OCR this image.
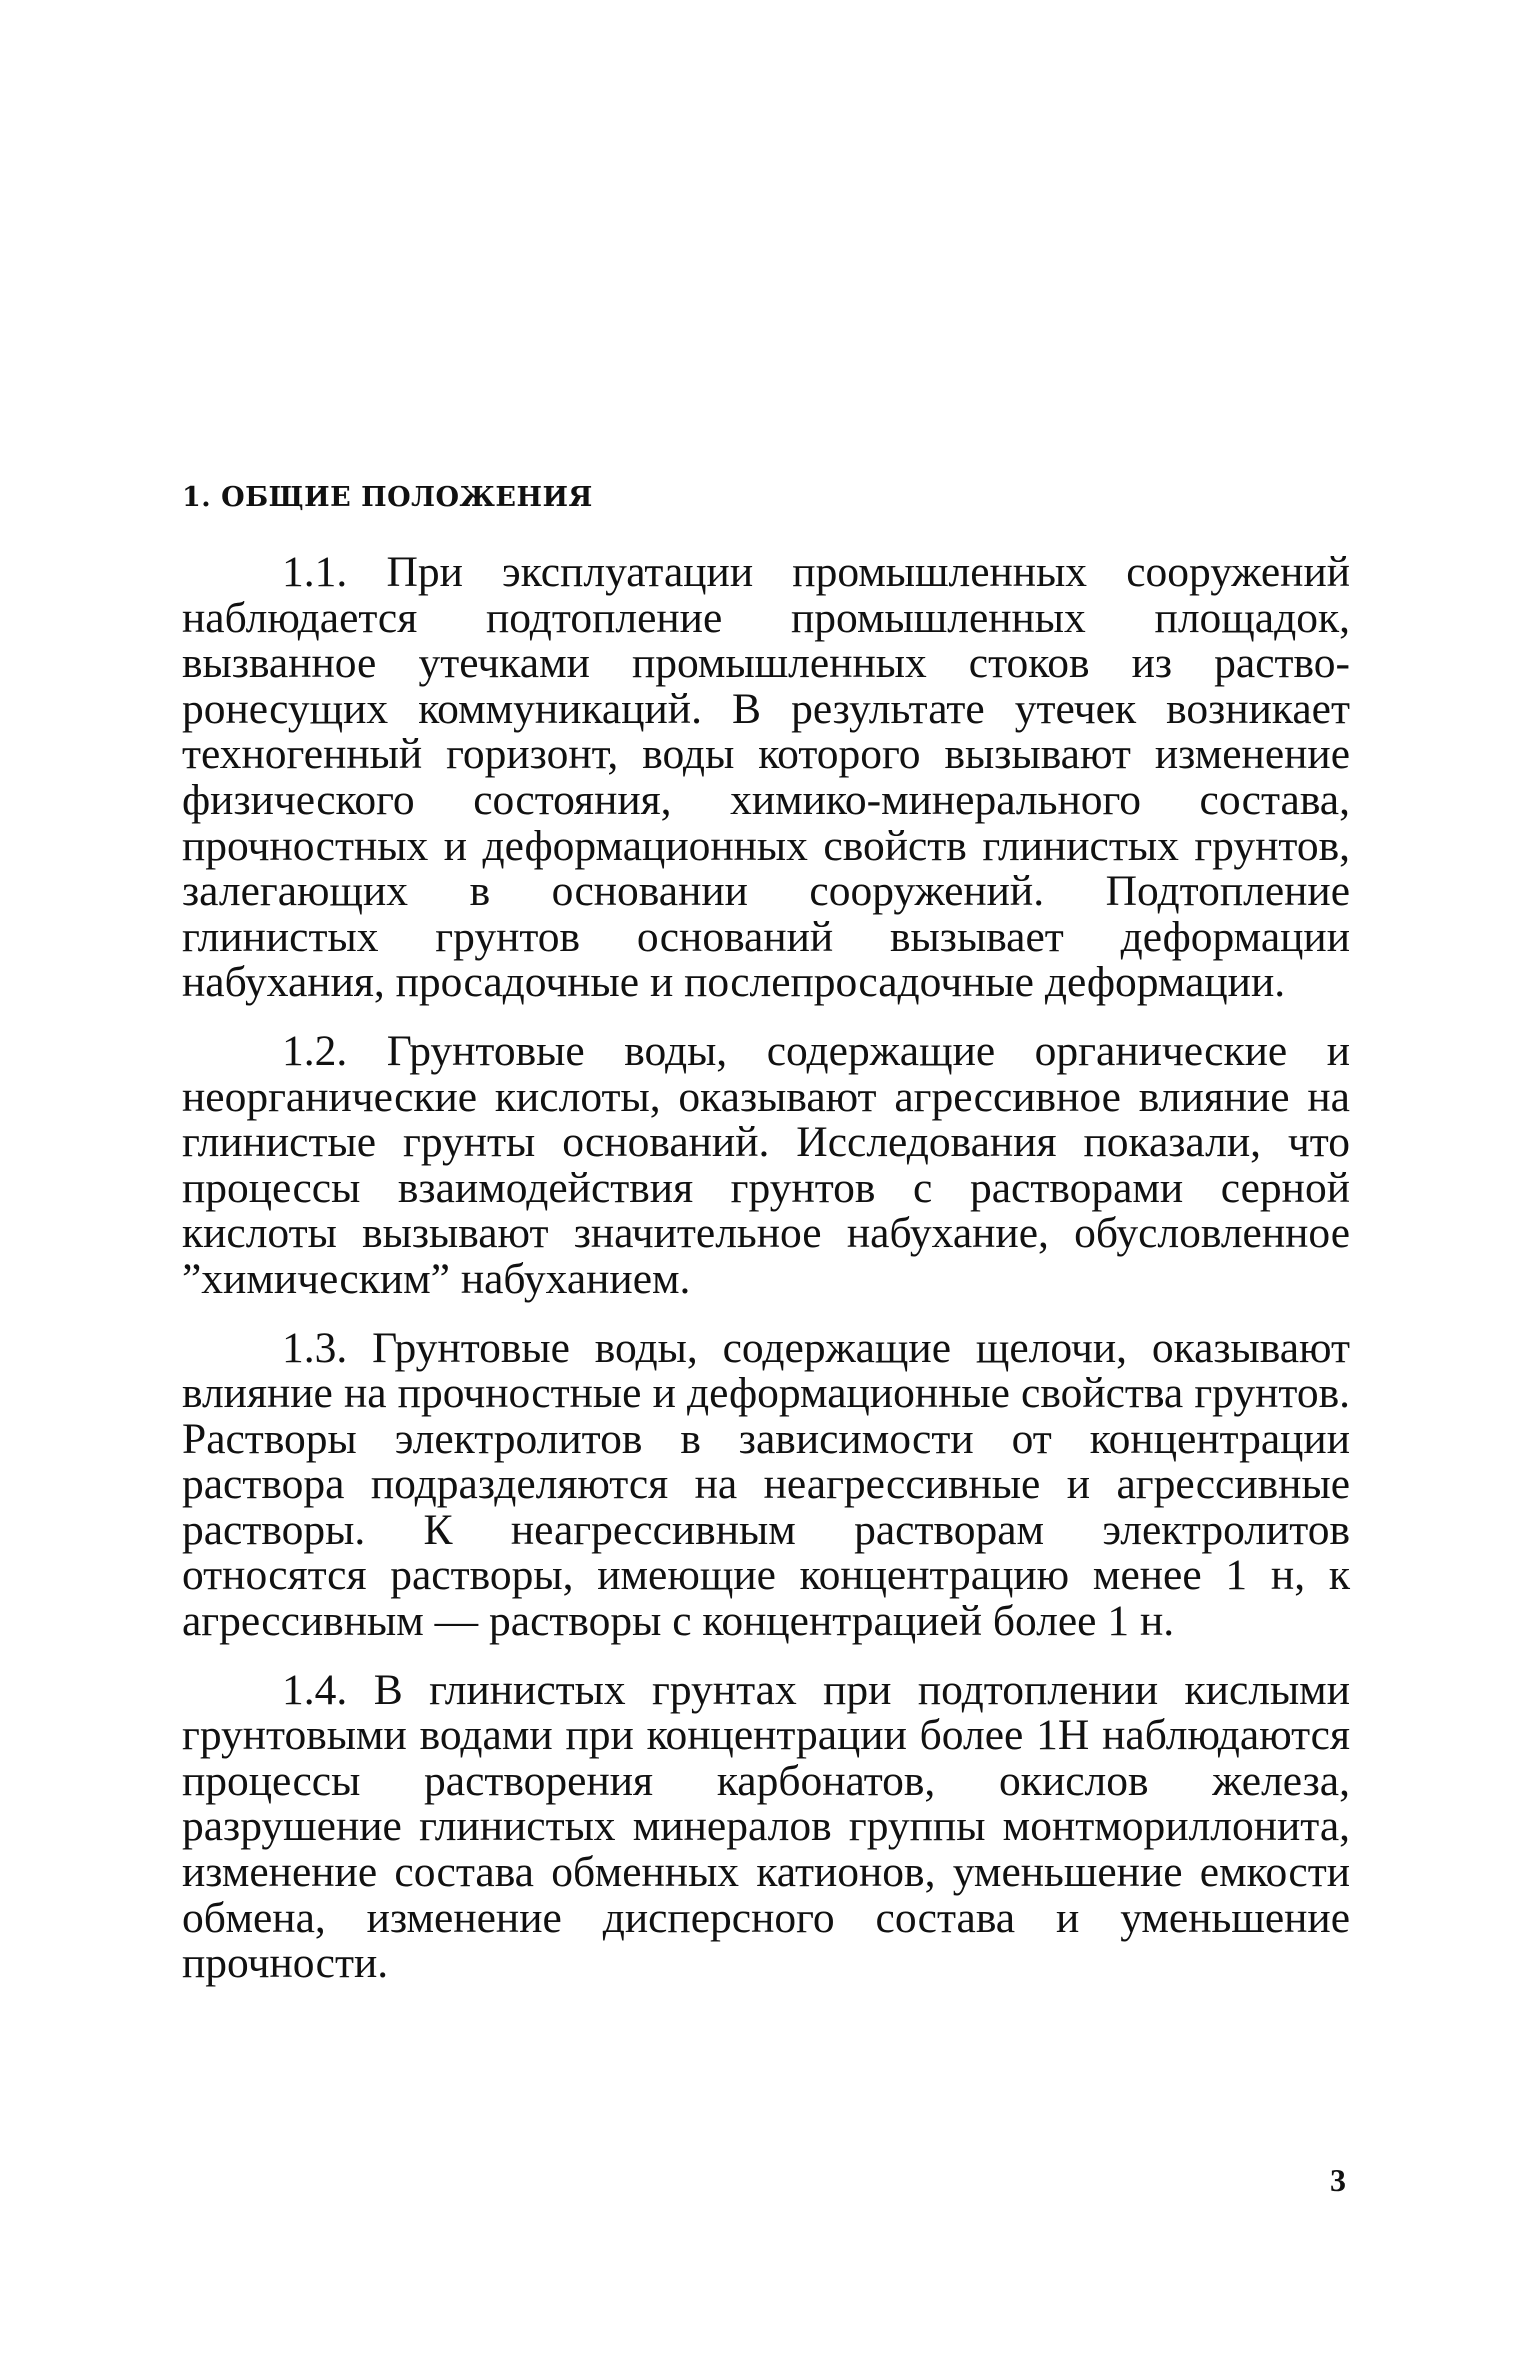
1. ОБЩИЕ ПОЛОЖЕНИЯ

1.1. При эксплуатации промышленных сооружений наблюдается подтопление промышленных площадок, вызванное утечками промышленных стоков из растворонесущих коммуникаций. В результате утечек возникает техногенный горизонт, воды которого вызывают изменение физического состояния, химико-минерального состава, прочностных и деформационных свойств глинистых грунтов, залегающих в основании сооружений. Подтопление глинистых грунтов оснований вызывает деформации набухания, просадочные и послепросадочные деформации.

1.2. Грунтовые воды, содержащие органические и неорганические кислоты, оказывают агрессивное влияние на глинистые грунты оснований. Исследования показали, что процессы взаимодействия грунтов с растворами серной кислоты вызывают значительное набухание, обусловленное ”химическим” набуханием.

1.3. Грунтовые воды, содержащие щелочи, оказывают влияние на прочностные и деформационные свойства грунтов. Растворы электролитов в зависимости от концентрации раствора подразделяются на неагрессивные и агрессивные растворы. К неагрессивным растворам электролитов относятся растворы, имеющие концентрацию менее 1 н, к агрессивным — растворы с концентрацией более 1 н.

1.4. В глинистых грунтах при подтоплении кислыми грунтовыми водами при концентрации более 1Н наблюдаются процессы растворения карбонатов, окислов железа, разрушение глинистых минералов группы монтмориллонита, изменение состава обменных катионов, уменьшение емкости обмена, изменение дисперсного состава и уменьшение прочности.

3
